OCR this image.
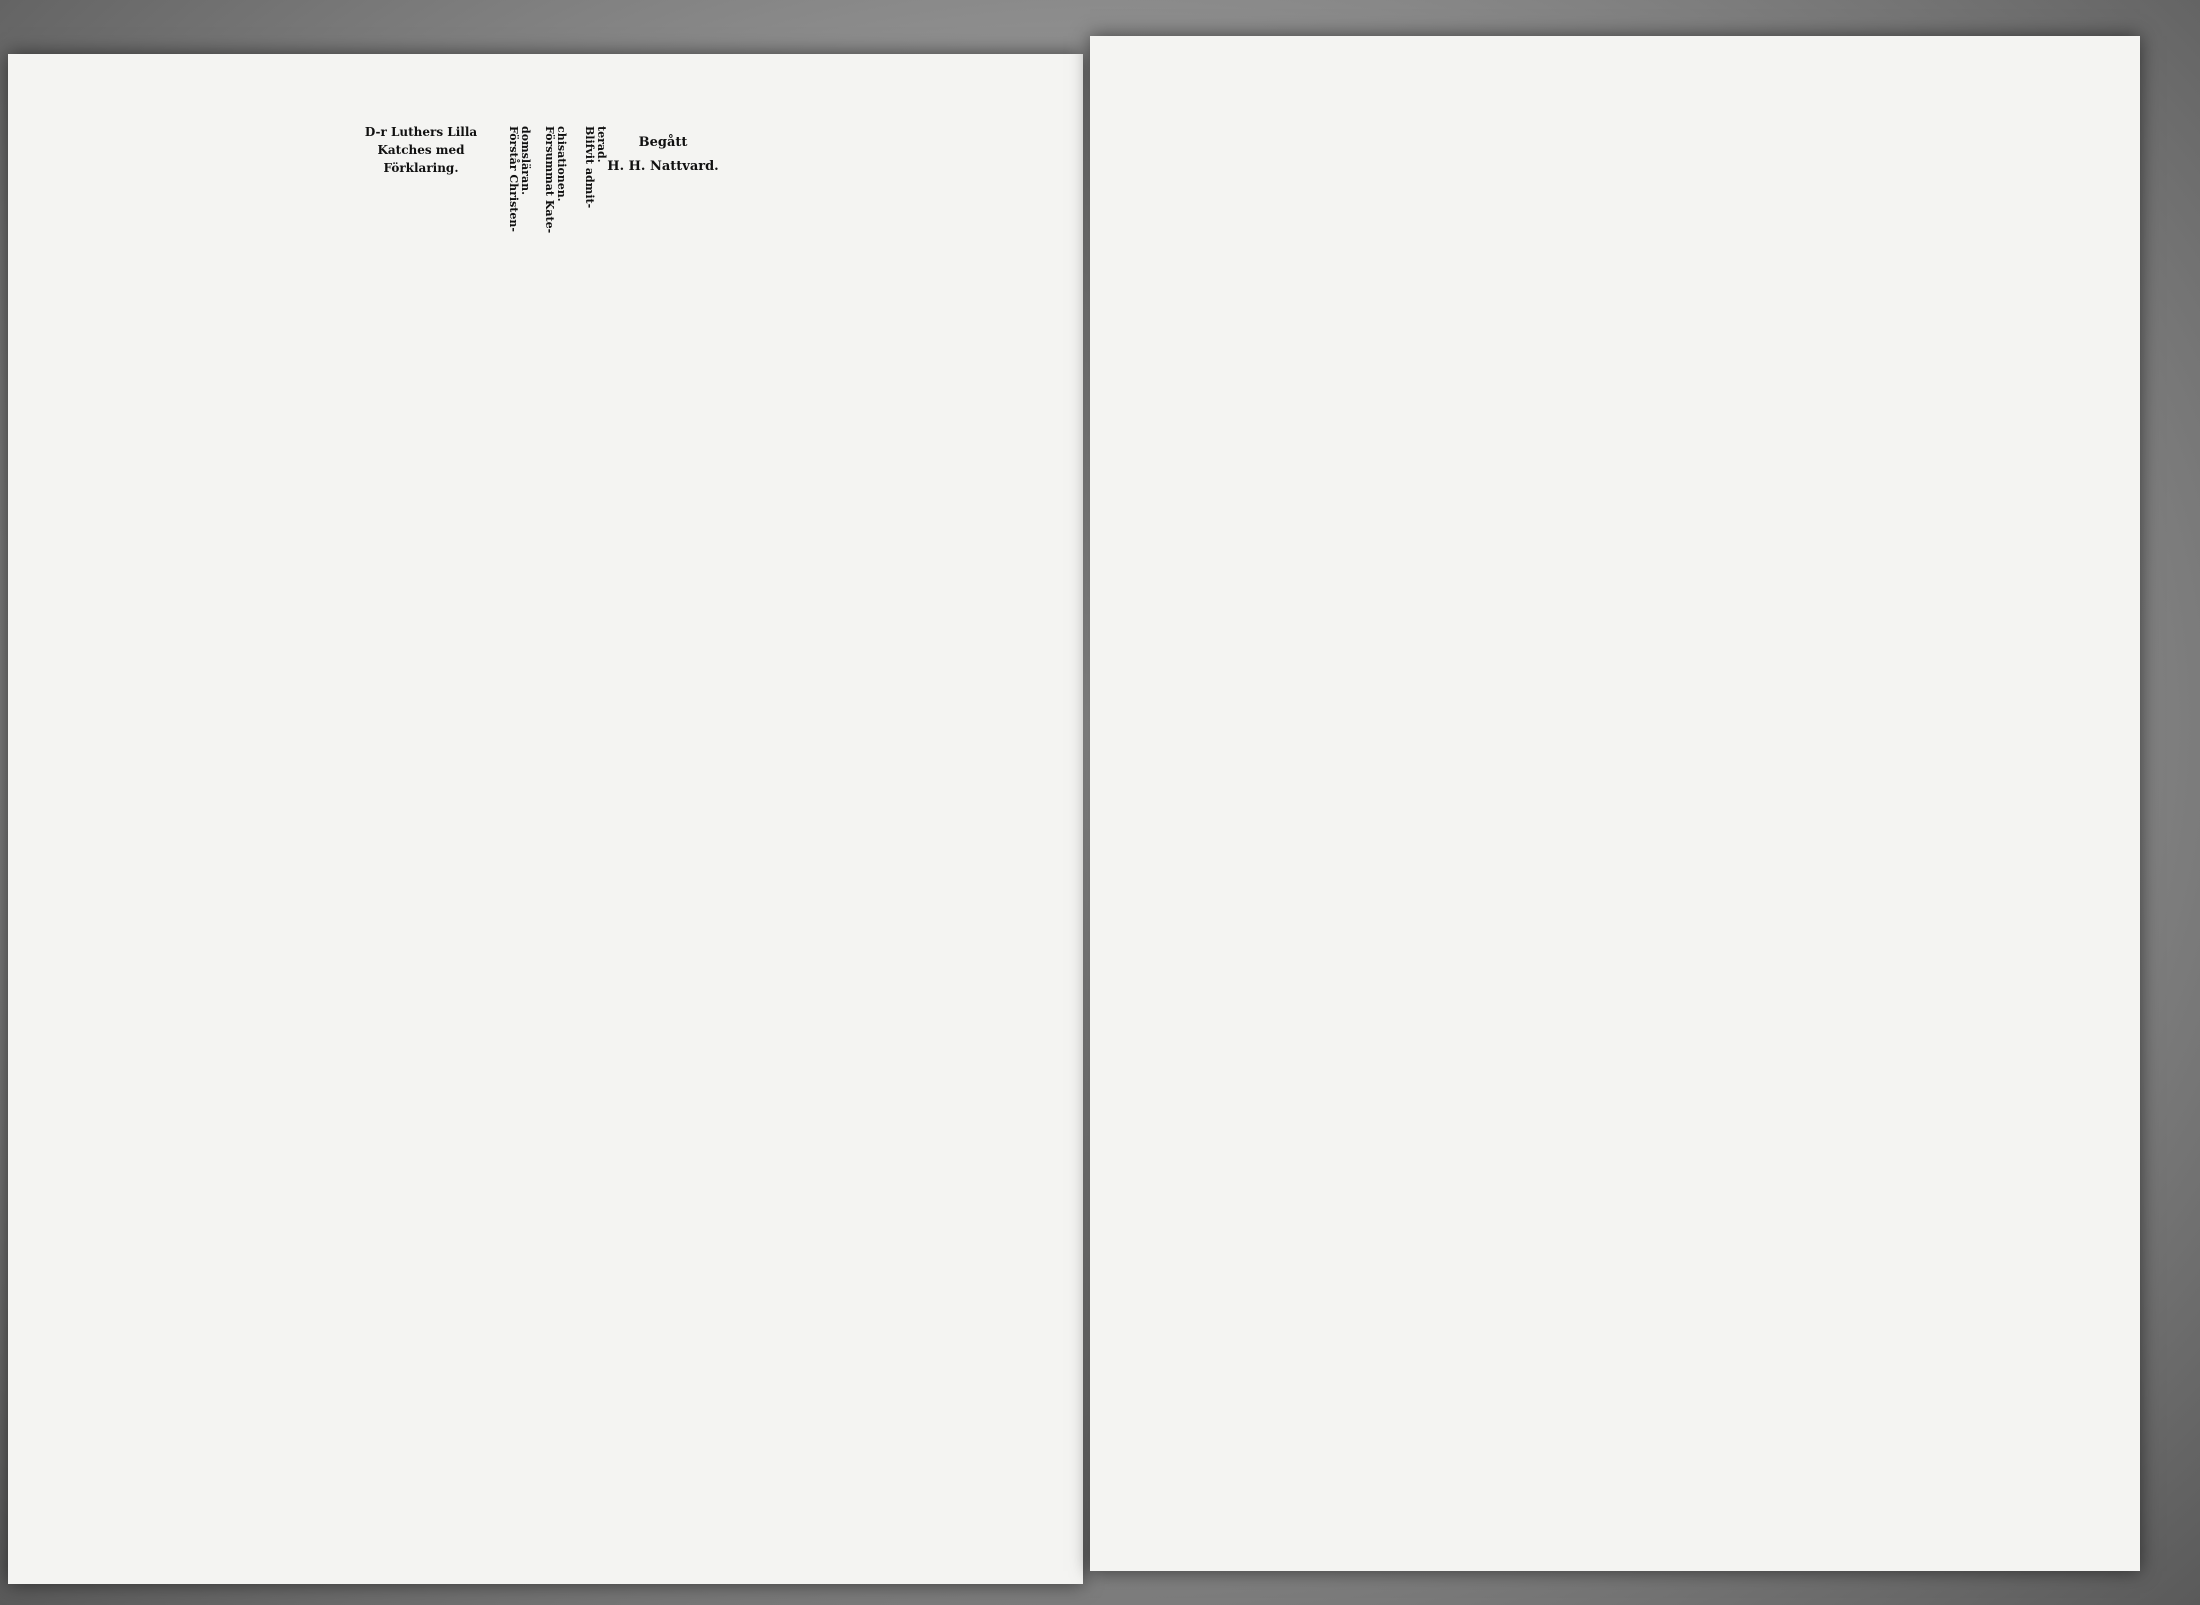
D-r Luthers Lilla
Katches med
Förklaring.	Förstår Christen- domsläran. Försummat Kate- chisationen. Blifvit admit- terad. Begått
H. H. Nattvard.
